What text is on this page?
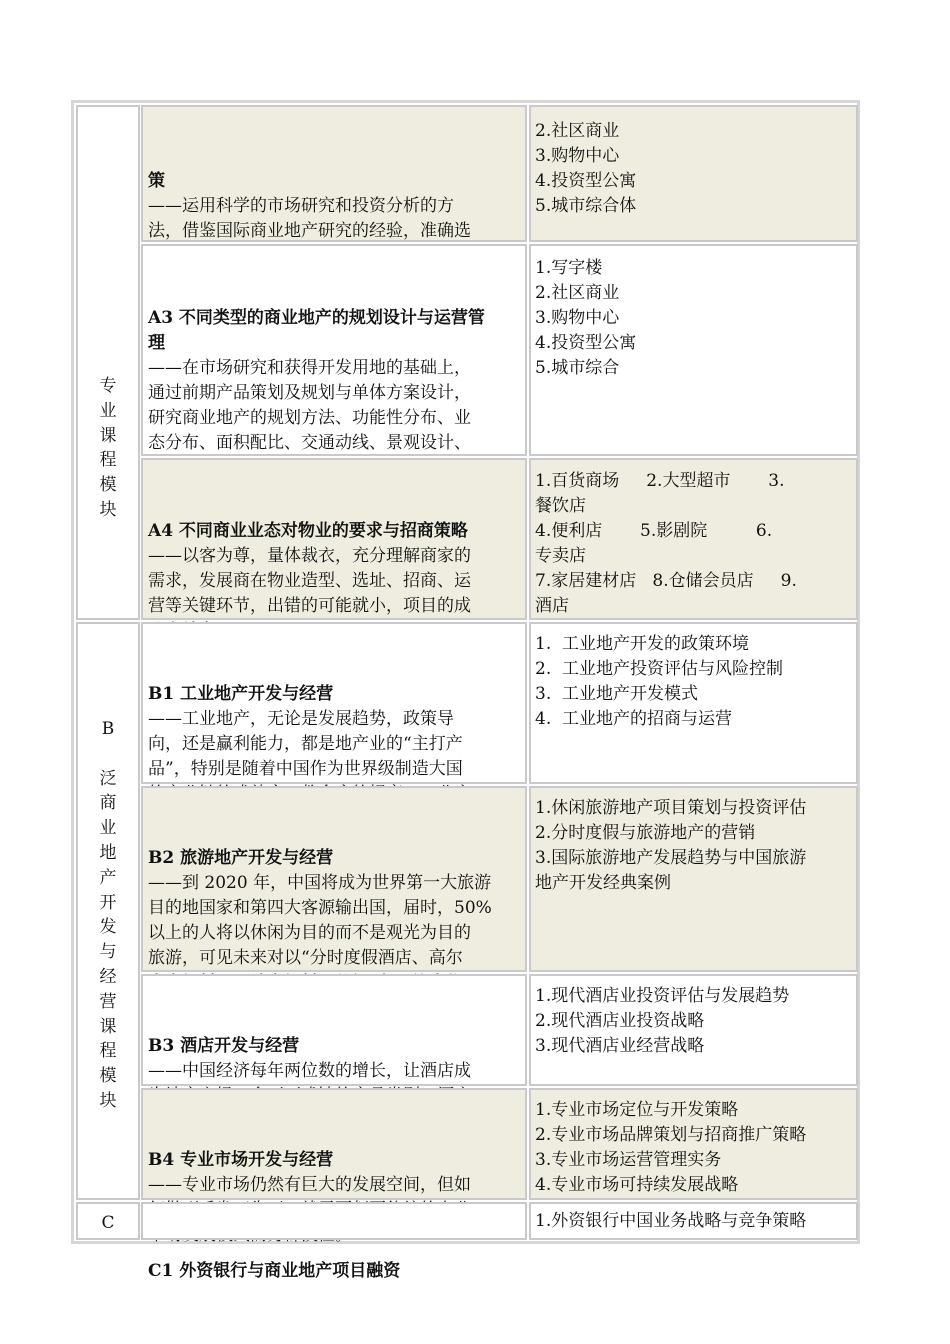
专
业
课
程
模
块
B

泛
商
业
地
产
开
发
与
经
营
课
程
模
块
C

策
——运用科学的市场研究和投资分析的方
法，借鉴国际商业地产研究的经验，准确选

2.社区商业
3.购物中心
4.投资型公寓
5.城市综合体

A3 不同类型的商业地产的规划设计与运营管
理
——在市场研究和获得开发用地的基础上，
通过前期产品策划及规划与单体方案设计，
研究商业地产的规划方法、功能性分布、业
态分布、面积配比、交通动线、景观设计、

1.写字楼
2.社区商业
3.购物中心
4.投资型公寓
5.城市综合

A4 不同商业业态对物业的要求与招商策略
——以客为尊，量体裁衣，充分理解商家的
需求，发展商在物业造型、选址、招商、运
营等关键环节，出错的可能就小，项目的成

1.百货商场     2.大型超市       3.
餐饮店
4.便利店       5.影剧院         6.
专卖店
7.家居建材店   8.仓储会员店     9.
酒店

B1 工业地产开发与经营
——工业地产，无论是发展趋势，政策导
向，还是赢利能力，都是地产业的“主打产
品”，特别是随着中国作为世界级制造大国

1.  工业地产开发的政策环境
2.  工业地产投资评估与风险控制
3.  工业地产开发模式
4.  工业地产的招商与运营

B2 旅游地产开发与经营
——到 2020 年，中国将成为世界第一大旅游
目的地国家和第四大客源输出国，届时，50%
以上的人将以休闲为目的而不是观光为目的
旅游，可见未来对以“分时度假酒店、高尔

1.休闲旅游地产项目策划与投资评估
2.分时度假与旅游地产的营销
3.国际旅游地产发展趋势与中国旅游
地产开发经典案例

B3 酒店开发与经营
——中国经济每年两位数的增长，让酒店成

1.现代酒店业投资评估与发展趋势
2.现代酒店业投资战略
3.现代酒店业经营战略

B4 专业市场开发与经营
——专业市场仍然有巨大的发展空间，但如

1.专业市场定位与开发策略
2.专业市场品牌策划与招商推广策略
3.专业市场运营管理实务
4.专业市场可持续发展战略

C1 外资银行与商业地产项目融资

1.外资银行中国业务战略与竞争策略
